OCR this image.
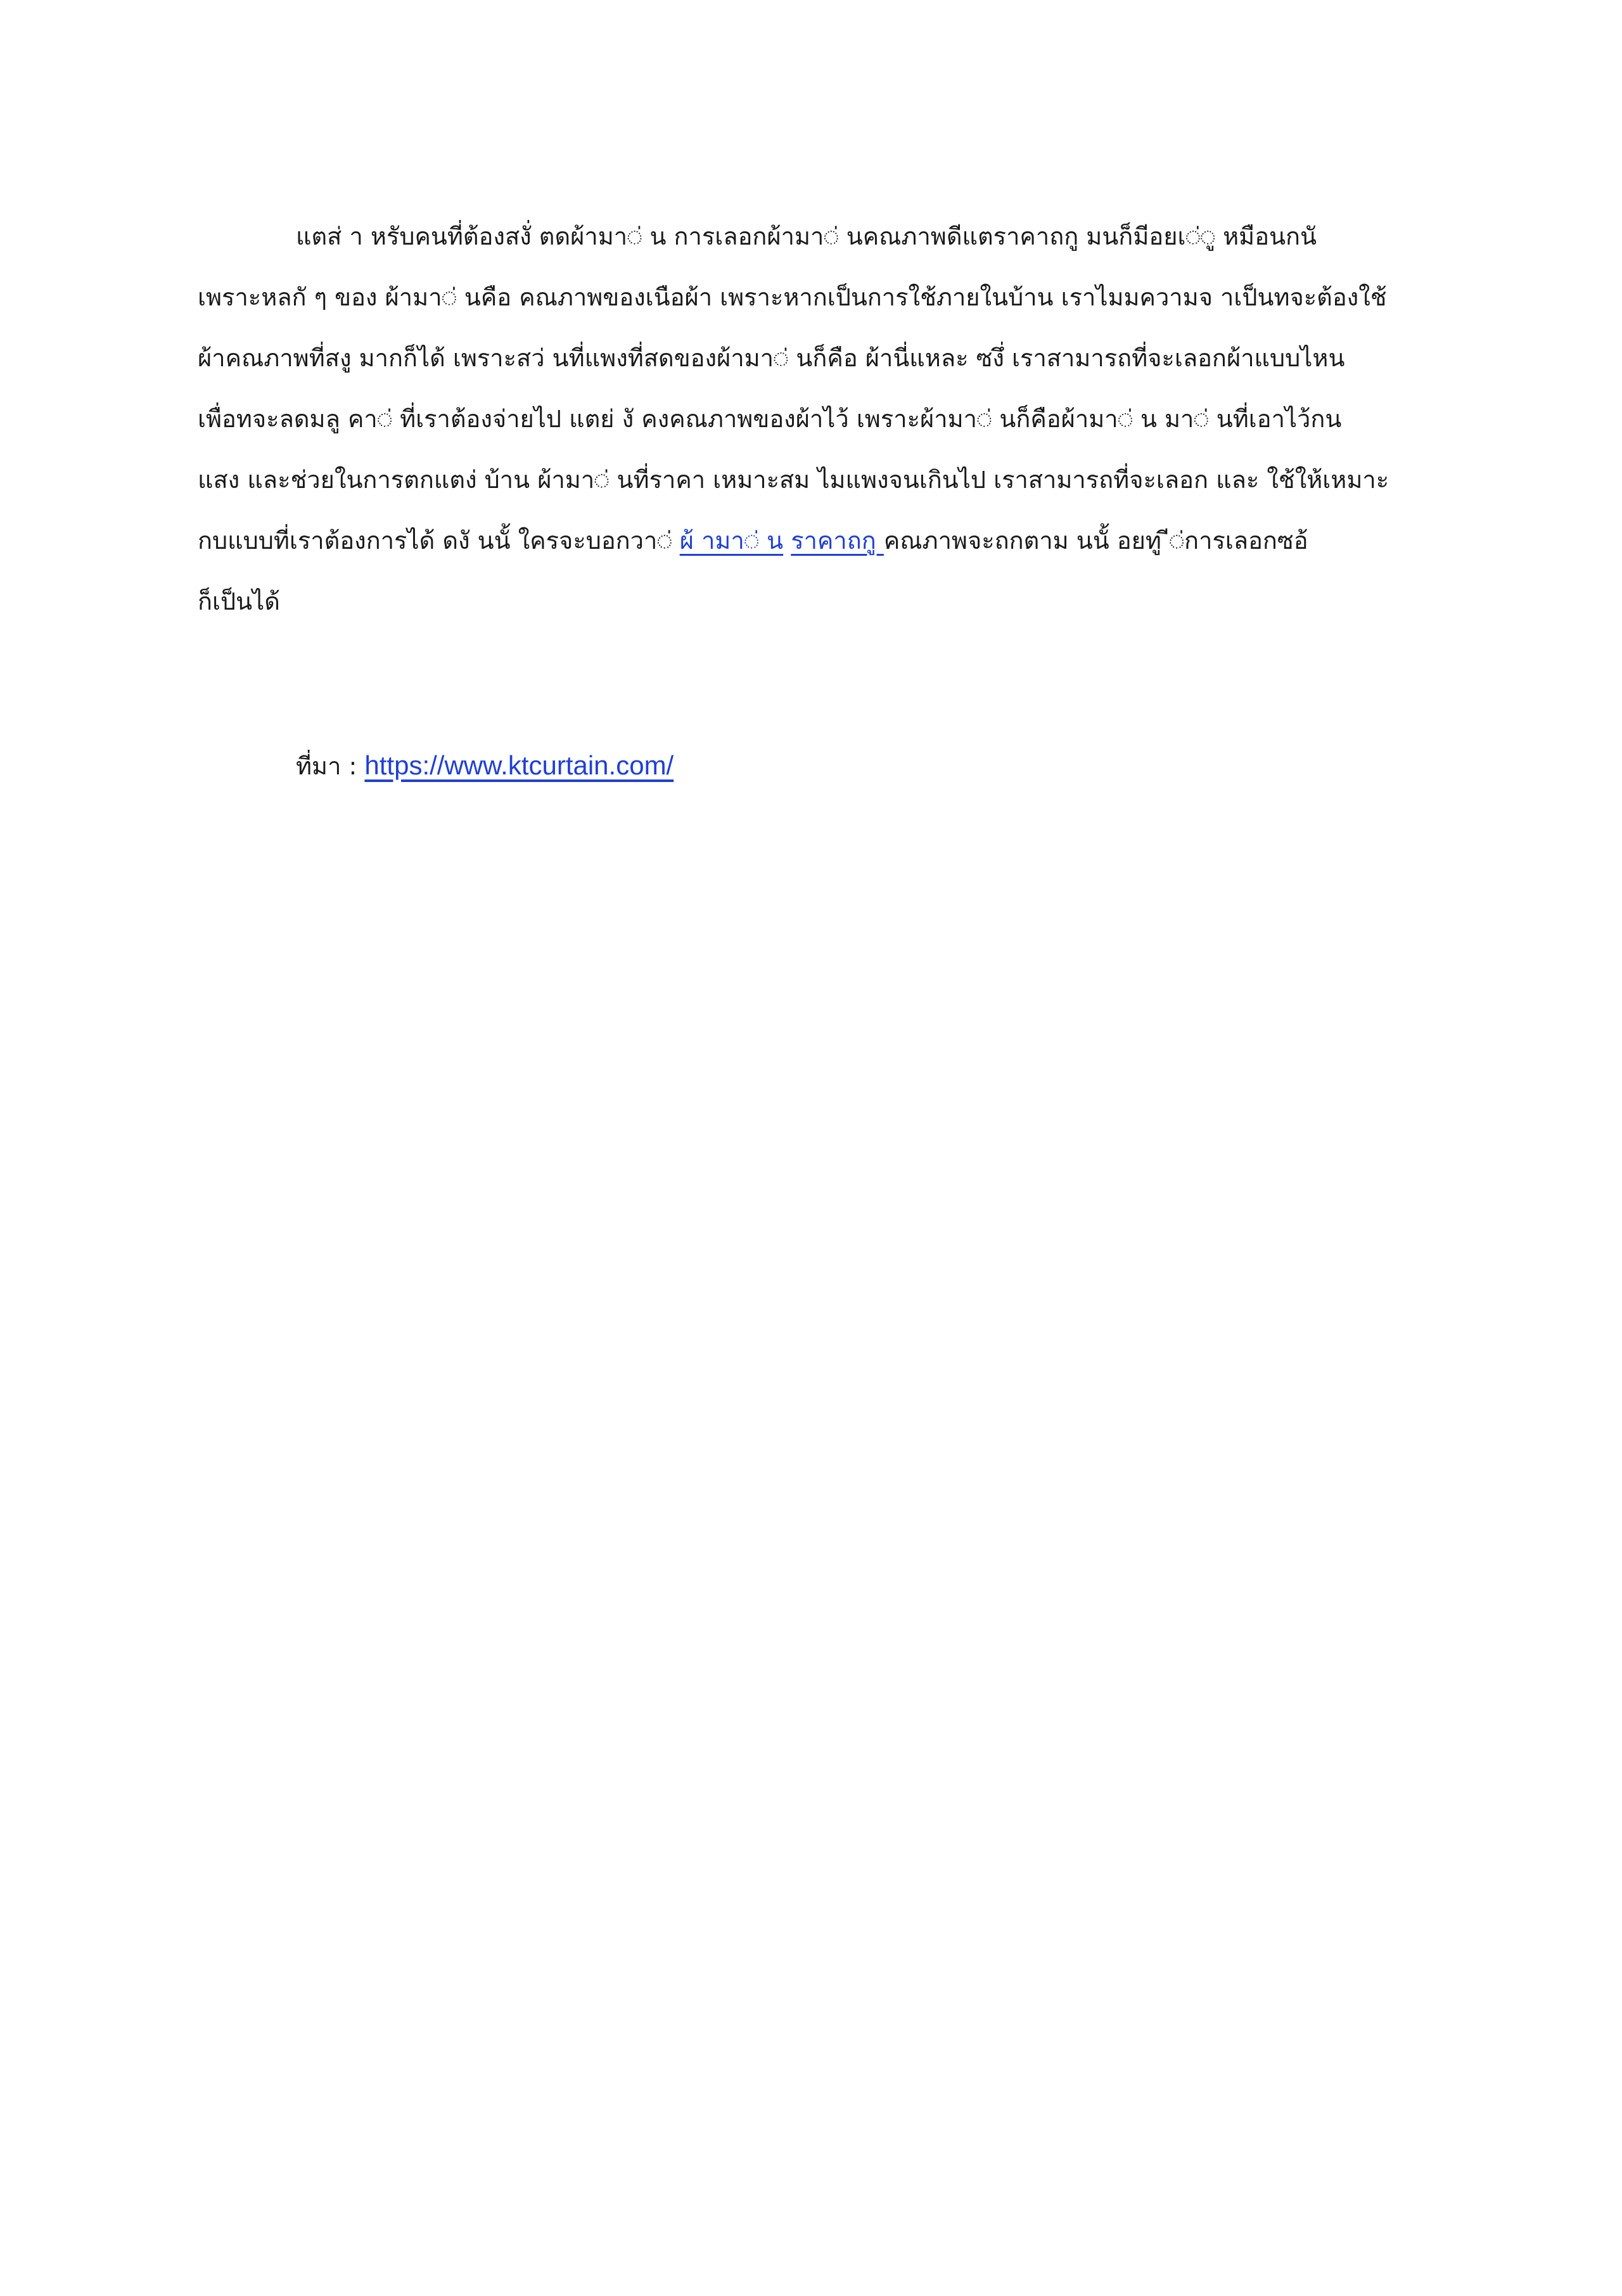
แตส่ า หรับคนที่ต้องสงั่ ตดผ้ามา◌่ น การเลอกผ้ามา◌่ นคณภาพดีแตราคาถกู มนก็มีอยเ◌่◌ู หมือนกนั
เพราะหลกั ๆ ของ ผ้ามา◌่ นคือ คณภาพของเนือผ้า เพราะหากเป็นการใช้ภายในบ้าน เราไมมความจ าเป็นทจะต้องใช้
ผ้าคณภาพที่สงู มากก็ได้ เพราะสว่ นที่แพงที่สดของผ้ามา◌่ นก็คือ ผ้านี่แหละ ซงึ่ เราสามารถที่จะเลอกผ้าแบบไหน
เพื่อทจะลดมลู คา◌่ ที่เราต้องจ่ายไป แตย่ งั คงคณภาพของผ้าไว้ เพราะผ้ามา◌่ นก็คือผ้ามา◌่ น มา◌่ นที่เอาไว้กน
แสง และช่วยในการตกแตง่ บ้าน ผ้ามา◌่ นที่ราคา เหมาะสม ไมแพงจนเกินไป เราสามารถที่จะเลอก และ ใช้ให้เหมาะ
กบแบบที่เราต้องการได้ ดงั นนั้ ใครจะบอกวา◌่ ผ้ ามา◌่ น ราคาถกู คณภาพจะถกตาม นนั้ อยทู ี◌่การเลอกซอ้
ก็เป็นได้
ที่มา : https://www.ktcurtain.com/
